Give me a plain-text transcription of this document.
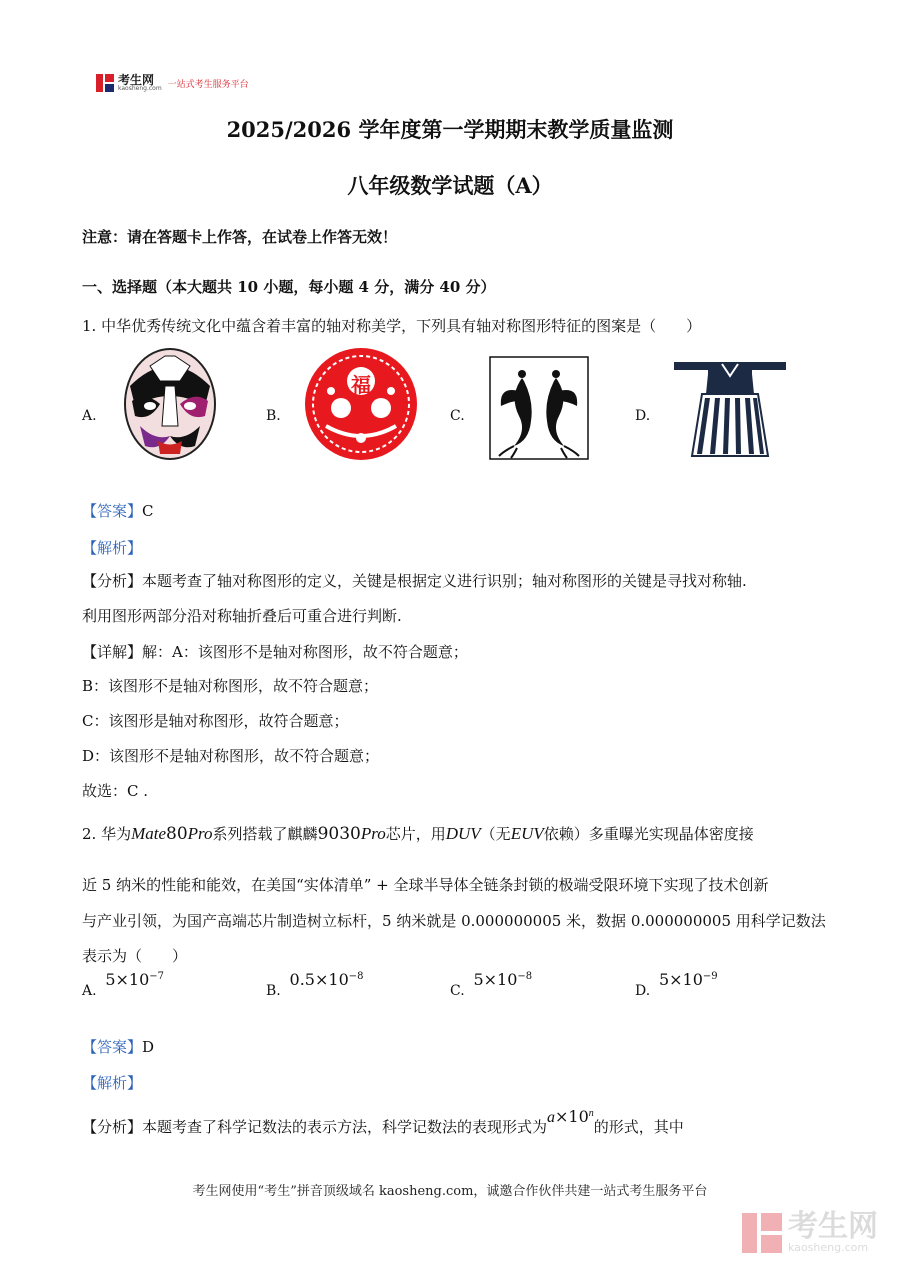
考生网
kaosheng.com 一站式考生服务平台
2025/2026 学年度第一学期期末教学质量监测
八年级数学试题（A）
注意：请在答题卡上作答，在试卷上作答无效！
一、选择题（本大题共 10 小题，每小题 4 分，满分 40 分）
1. 中华优秀传统文化中蕴含着丰富的轴对称美学，下列具有轴对称图形特征的图案是（　　）
A.	B.	C.	D.
福
【答案】C
【解析】
【分析】本题考查了轴对称图形的定义，关键是根据定义进行识别；轴对称图形的关键是寻找对称轴.
利用图形两部分沿对称轴折叠后可重合进行判断.
【详解】解：A：该图形不是轴对称图形，故不符合题意；
B：该图形不是轴对称图形，故不符合题意；
C：该图形是轴对称图形，故符合题意；
D：该图形不是轴对称图形，故不符合题意；
故选：C .
2. 华为Mate80Pro系列搭载了麒麟9030Pro芯片，用DUV（无EUV依赖）多重曝光实现晶体密度接
近 5 纳米的性能和能效，在美国“实体清单” + 全球半导体全链条封锁的极端受限环境下实现了技术创新
与产业引领，为国产高端芯片制造树立标杆，5 纳米就是 0.000000005 米，数据 0.000000005 用科学记数法
表示为（　　）
A. $5\times 10^{-7}$
B. $0.5\times 10^{-8}$
C. $5\times 10^{-8}$
D. $5\times 10^{-9}$
【答案】D
【解析】
【分析】本题考查了科学记数法的表示方法，科学记数法的表现形式为$a\times 10^n$的形式，其中
考生网使用“考生”拼音顶级域名 kaosheng.com，诚邀合作伙伴共建一站式考生服务平台
考生网
kaosheng.com
